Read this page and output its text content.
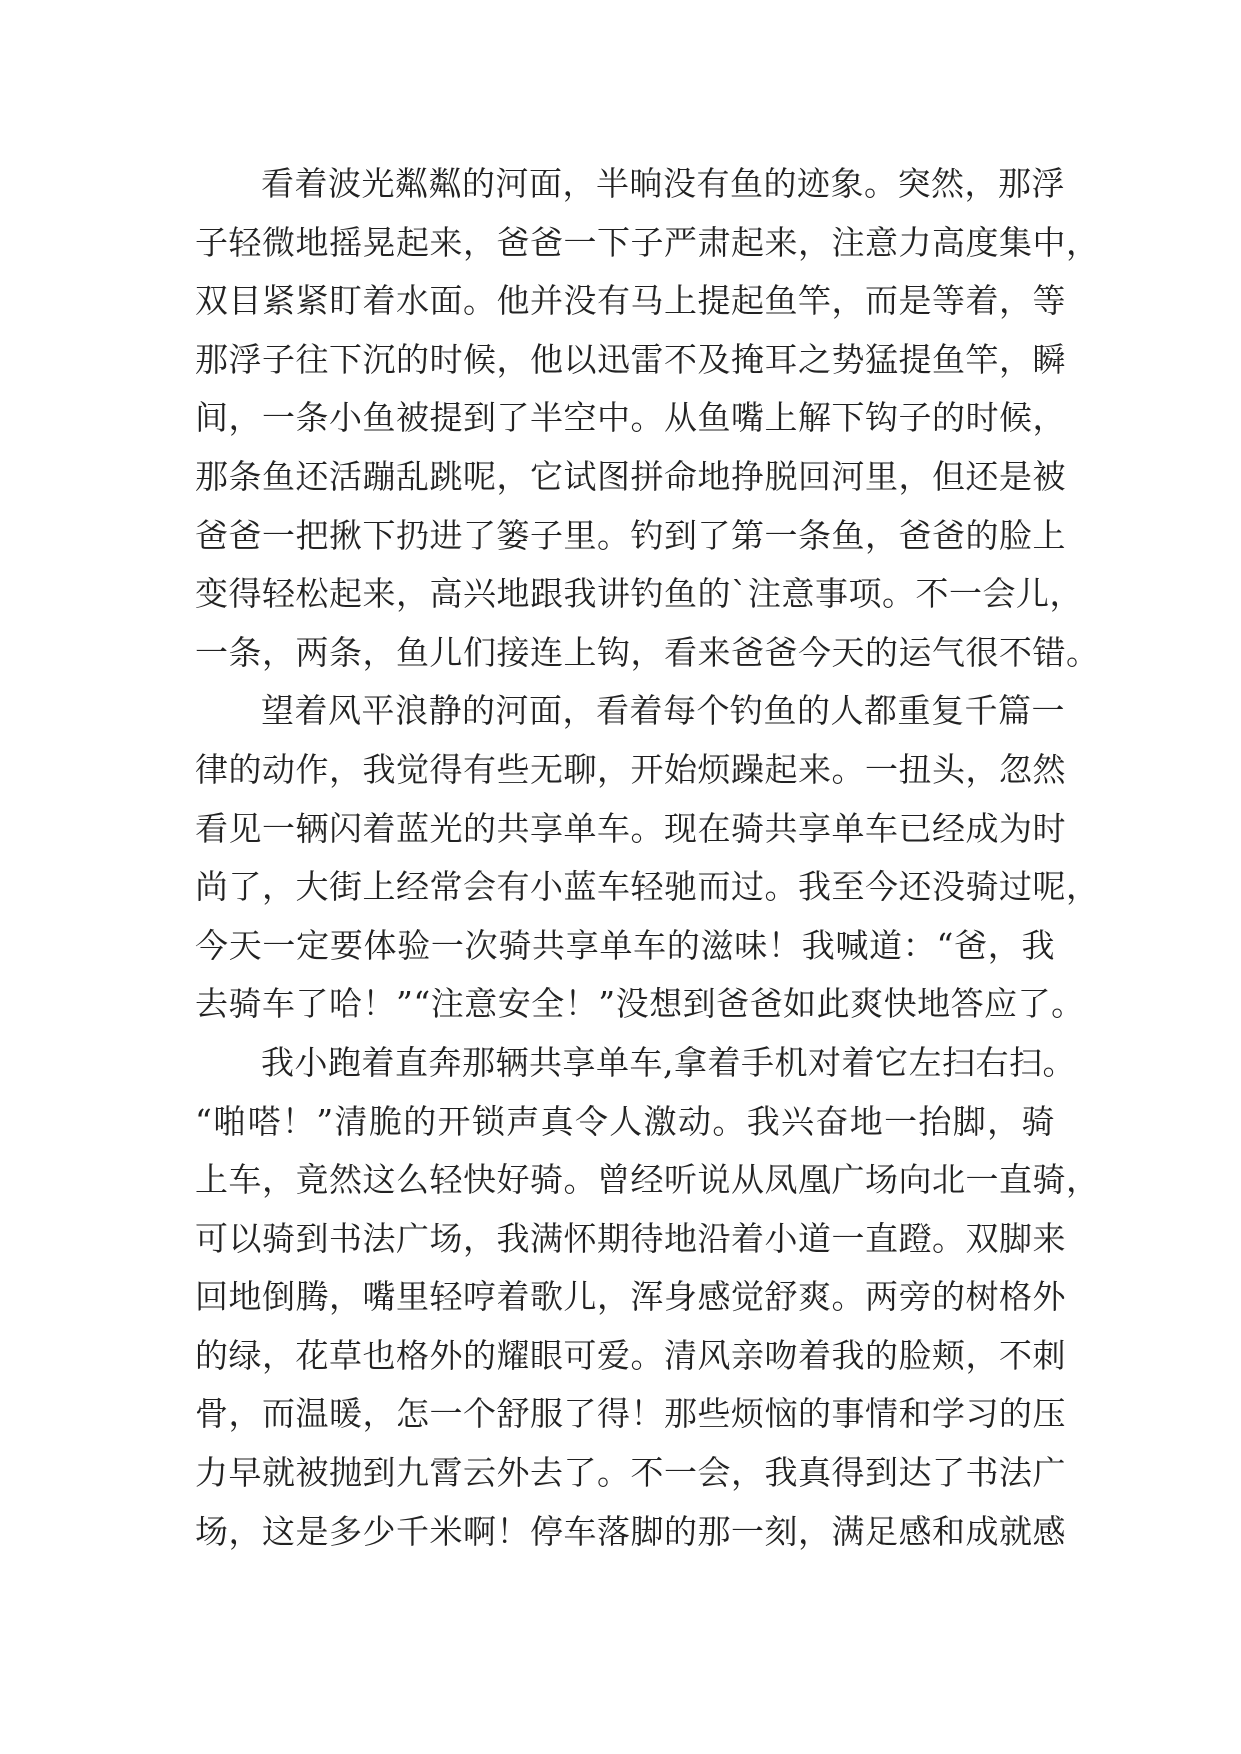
看着波光粼粼的河面，半晌没有鱼的迹象。突然，那浮
子轻微地摇晃起来，爸爸一下子严肃起来，注意力高度集中，
双目紧紧盯着水面。他并没有马上提起鱼竿，而是等着，等
那浮子往下沉的时候，他以迅雷不及掩耳之势猛提鱼竿，瞬
间，一条小鱼被提到了半空中。从鱼嘴上解下钩子的时候，
那条鱼还活蹦乱跳呢，它试图拼命地挣脱回河里，但还是被
爸爸一把揪下扔进了篓子里。钓到了第一条鱼，爸爸的脸上
变得轻松起来，高兴地跟我讲钓鱼的`注意事项。不一会儿，
一条，两条，鱼儿们接连上钩，看来爸爸今天的运气很不错。
望着风平浪静的河面，看着每个钓鱼的人都重复千篇一
律的动作，我觉得有些无聊，开始烦躁起来。一扭头，忽然
看见一辆闪着蓝光的共享单车。现在骑共享单车已经成为时
尚了，大街上经常会有小蓝车轻驰而过。我至今还没骑过呢，
今天一定要体验一次骑共享单车的滋味！我喊道：“爸，我
去骑车了哈！”“注意安全！”没想到爸爸如此爽快地答应了。
我小跑着直奔那辆共享单车,拿着手机对着它左扫右扫。
“啪嗒！”清脆的开锁声真令人激动。我兴奋地一抬脚，骑
上车，竟然这么轻快好骑。曾经听说从凤凰广场向北一直骑，
可以骑到书法广场，我满怀期待地沿着小道一直蹬。双脚来
回地倒腾，嘴里轻哼着歌儿，浑身感觉舒爽。两旁的树格外
的绿，花草也格外的耀眼可爱。清风亲吻着我的脸颊，不刺
骨，而温暖，怎一个舒服了得！那些烦恼的事情和学习的压
力早就被抛到九霄云外去了。不一会，我真得到达了书法广
场，这是多少千米啊！停车落脚的那一刻，满足感和成就感
